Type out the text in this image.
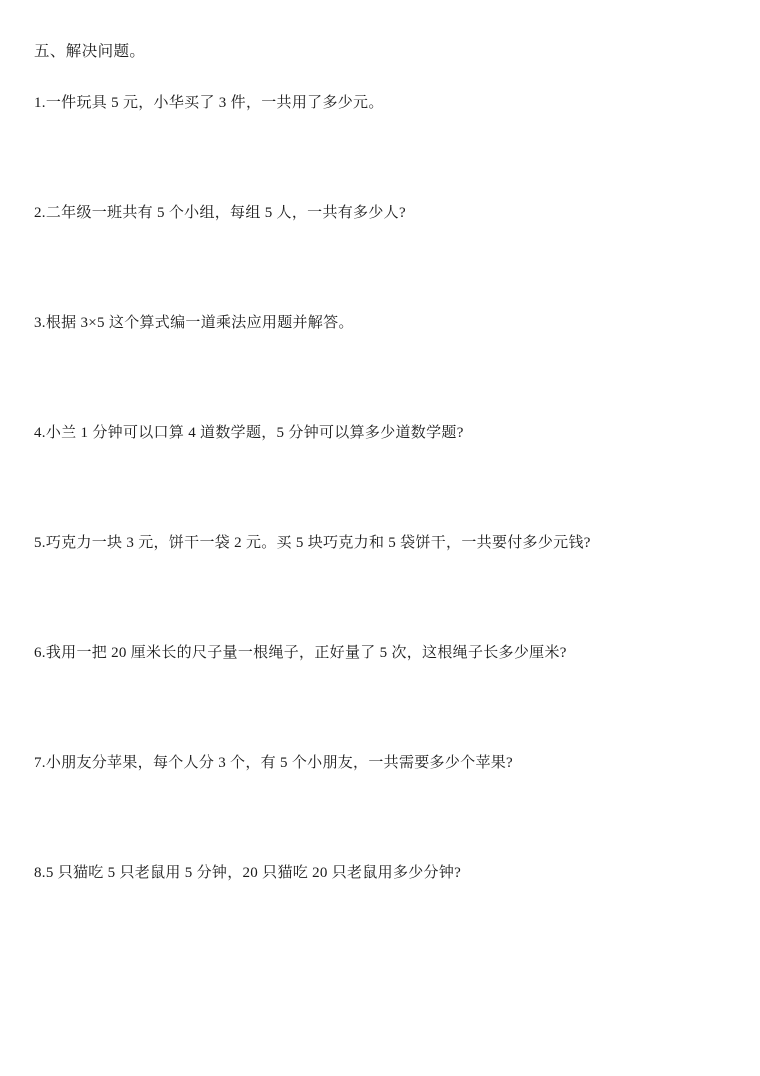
五、解决问题。

1.一件玩具 5 元，小华买了 3 件，一共用了多少元。
2.二年级一班共有 5 个小组，每组 5 人，一共有多少人?
3.根据 3×5 这个算式编一道乘法应用题并解答。
4.小兰 1 分钟可以口算 4 道数学题，5 分钟可以算多少道数学题?
5.巧克力一块 3 元，饼干一袋 2 元。买 5 块巧克力和 5 袋饼干，一共要付多少元钱?
6.我用一把 20 厘米长的尺子量一根绳子，正好量了 5 次，这根绳子长多少厘米?
7.小朋友分苹果，每个人分 3 个，有 5 个小朋友，一共需要多少个苹果?
8.5 只猫吃 5 只老鼠用 5 分钟，20 只猫吃 20 只老鼠用多少分钟?
